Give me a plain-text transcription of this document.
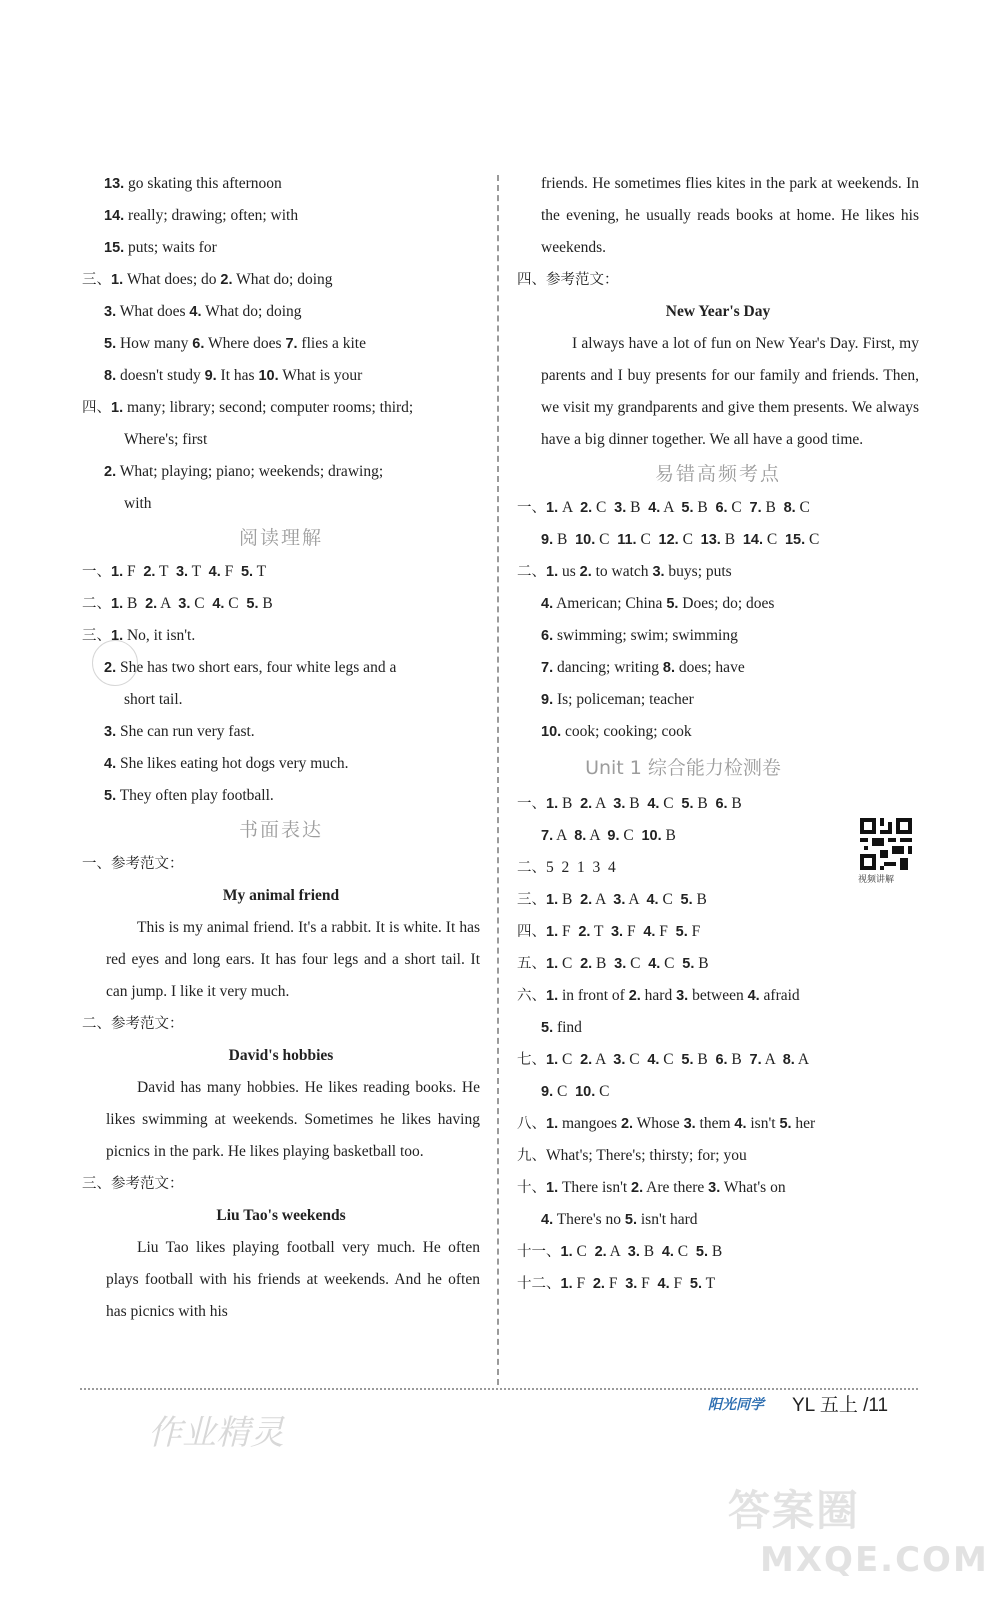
13. go skating this afternoon
14. really; drawing; often; with
15. puts; waits for
三、1. What does; do 2. What do; doing
3. What does 4. What do; doing
5. How many 6. Where does 7. flies a kite
8. doesn't study 9. It has 10. What is your
四、1. many; library; second; computer rooms; third;
Where's; first
2. What; playing; piano; weekends; drawing;
with
阅读理解
一、1. F  2. T  3. T  4. F  5. T
二、1. B  2. A  3. C  4. C  5. B
三、1. No, it isn't.
2. She has two short ears, four white legs and a
short tail.
3. She can run very fast.
4. She likes eating hot dogs very much.
5. They often play football.
书面表达
一、参考范文：
My animal friend

This is my animal friend. It's a rabbit. It is white. It has red eyes and long ears. It has four legs and a short tail. It can jump. I like it very much.

二、参考范文：
David's hobbies

David has many hobbies. He likes reading books. He likes swimming at weekends. Sometimes he likes having picnics in the park. He likes playing basketball too.

三、参考范文：
Liu Tao's weekends

Liu Tao likes playing football very much. He often plays football with his friends at weekends. And he often has picnics with his

friends. He sometimes flies kites in the park at weekends. In the evening, he usually reads books at home. He likes his weekends.

四、参考范文：
New Year's Day

I always have a lot of fun on New Year's Day. First, my parents and I buy presents for our family and friends. Then, we visit my grandparents and give them presents. We always have a big dinner together. We all have a good time.

易错高频考点
一、1. A  2. C  3. B  4. A  5. B  6. C  7. B  8. C
9. B  10. C  11. C  12. C  13. B  14. C  15. C
二、1. us 2. to watch 3. buys; puts
4. American; China 5. Does; do; does
6. swimming; swim; swimming
7. dancing; writing 8. does; have
9. Is; policeman; teacher
10. cook; cooking; cook
Unit 1 综合能力检测卷
一、1. B  2. A  3. B  4. C  5. B  6. B
7. A  8. A  9. C  10. B
二、5  2  1  3  4
三、1. B  2. A  3. A  4. C  5. B
四、1. F  2. T  3. F  4. F  5. F
五、1. C  2. B  3. C  4. C  5. B
六、1. in front of 2. hard 3. between 4. afraid
5. find
七、1. C  2. A  3. C  4. C  5. B  6. B  7. A  8. A
9. C  10. C
八、1. mangoes 2. Whose 3. them 4. isn't 5. her
九、What's; There's; thirsty; for; you
十、1. There isn't 2. Are there 3. What's on
4. There's no 5. isn't hard
十一、1. C  2. A  3. B  4. C  5. B
十二、1. F  2. F  3. F  4. F  5. T
视频讲解
阳光同学 YL 五上 /11
作业精灵
答案圈
MXQE.COM
